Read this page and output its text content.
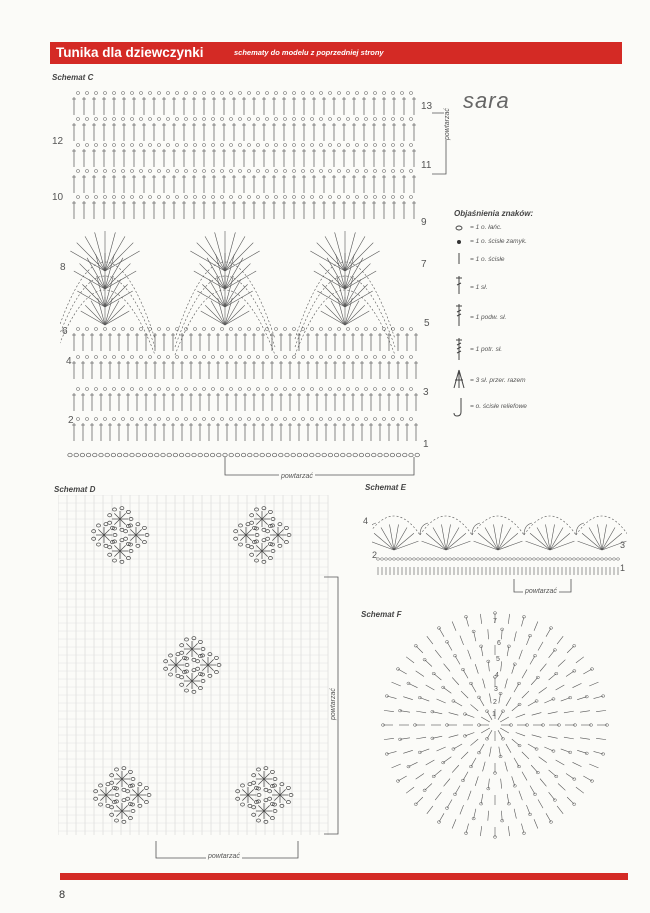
Tunika dla dziewczynki	schematy do modelu z poprzedniej strony
sara
Schemat C
13
11
9
7
5
3
1
12
10
8
6
4
2
powtarzać
powtarzać
Objaśnienia znaków:
= 1 o. łańc.
= 1 o. ścisłe zamyk.
= 1 o. ścisłe
= 1 sł.
= 1 podw. sł.
= 1 potr. sł.
= 3 sł. przer. razem
= o. ścisłe reliefowe
Schemat D
powtarzać
powtarzać
Schemat E
4
2
3
1
powtarzać
Schemat F
7
6
5
4
3
2
1
8
